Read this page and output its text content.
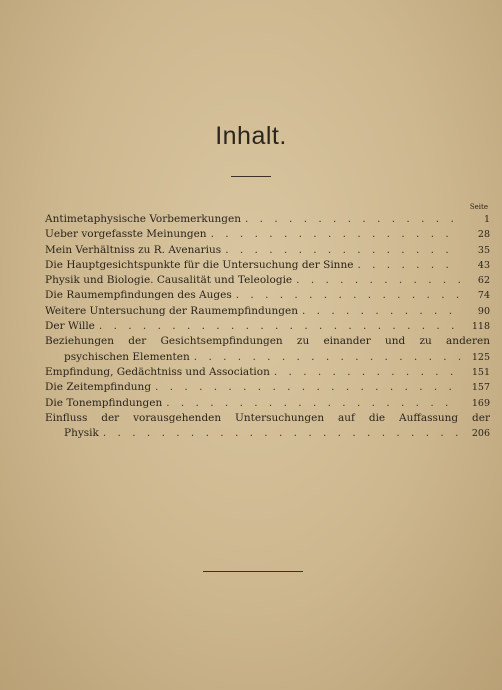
Inhalt.
Seite
Antimetaphysische Vorbemerkungen . . .	1
Ueber vorgefasste Meinungen . . .	28
Mein Verhältniss zu R. Avenarius . . .	35
Die Hauptgesichtspunkte für die Untersuchung der Sinne . . .	43
Physik und Biologie. Causalität und Teleologie . . .	62
Die Raumempfindungen des Auges . . .	74
Weitere Untersuchung der Raumempfindungen . . .	90
Der Wille . . .	118
Beziehungen der Gesichtsempfindungen zu einander und zu anderen
psychischen Elementen . . .	125
Empfindung, Gedächtniss und Association . . .	151
Die Zeitempfindung . . .	157
Die Tonempfindungen . . .	169
Einfluss der vorausgehenden Untersuchungen auf die Auffassung der
Physik . . .	206
